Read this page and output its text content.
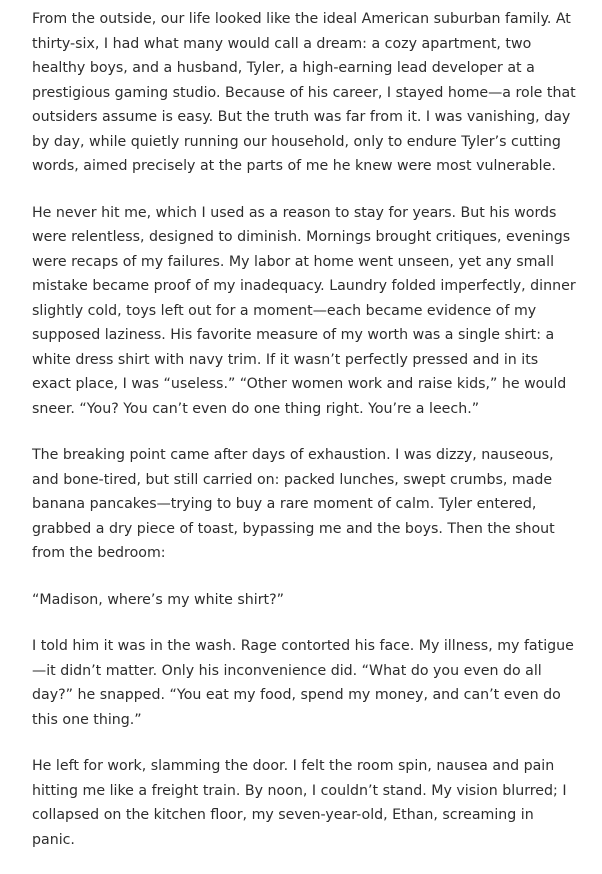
From the outside, our life looked like the ideal American suburban family. At thirty-six, I had what many would call a dream: a cozy apartment, two healthy boys, and a husband, Tyler, a high-earning lead developer at a prestigious gaming studio. Because of his career, I stayed home—a role that outsiders assume is easy. But the truth was far from it. I was vanishing, day by day, while quietly running our household, only to endure Tyler’s cutting words, aimed precisely at the parts of me he knew were most vulnerable.

He never hit me, which I used as a reason to stay for years. But his words were relentless, designed to diminish. Mornings brought critiques, evenings were recaps of my failures. My labor at home went unseen, yet any small mistake became proof of my inadequacy. Laundry folded imperfectly, dinner slightly cold, toys left out for a moment—each became evidence of my supposed laziness. His favorite measure of my worth was a single shirt: a white dress shirt with navy trim. If it wasn’t perfectly pressed and in its exact place, I was “useless.” “Other women work and raise kids,” he would sneer. “You? You can’t even do one thing right. You’re a leech.”

The breaking point came after days of exhaustion. I was dizzy, nauseous, and bone-tired, but still carried on: packed lunches, swept crumbs, made banana pancakes—trying to buy a rare moment of calm. Tyler entered, grabbed a dry piece of toast, bypassing me and the boys. Then the shout from the bedroom:

“Madison, where’s my white shirt?”

I told him it was in the wash. Rage contorted his face. My illness, my fatigue—it didn’t matter. Only his inconvenience did. “What do you even do all day?” he snapped. “You eat my food, spend my money, and can’t even do this one thing.”

He left for work, slamming the door. I felt the room spin, nausea and pain hitting me like a freight train. By noon, I couldn’t stand. My vision blurred; I collapsed on the kitchen floor, my seven-year-old, Ethan, screaming in panic.
